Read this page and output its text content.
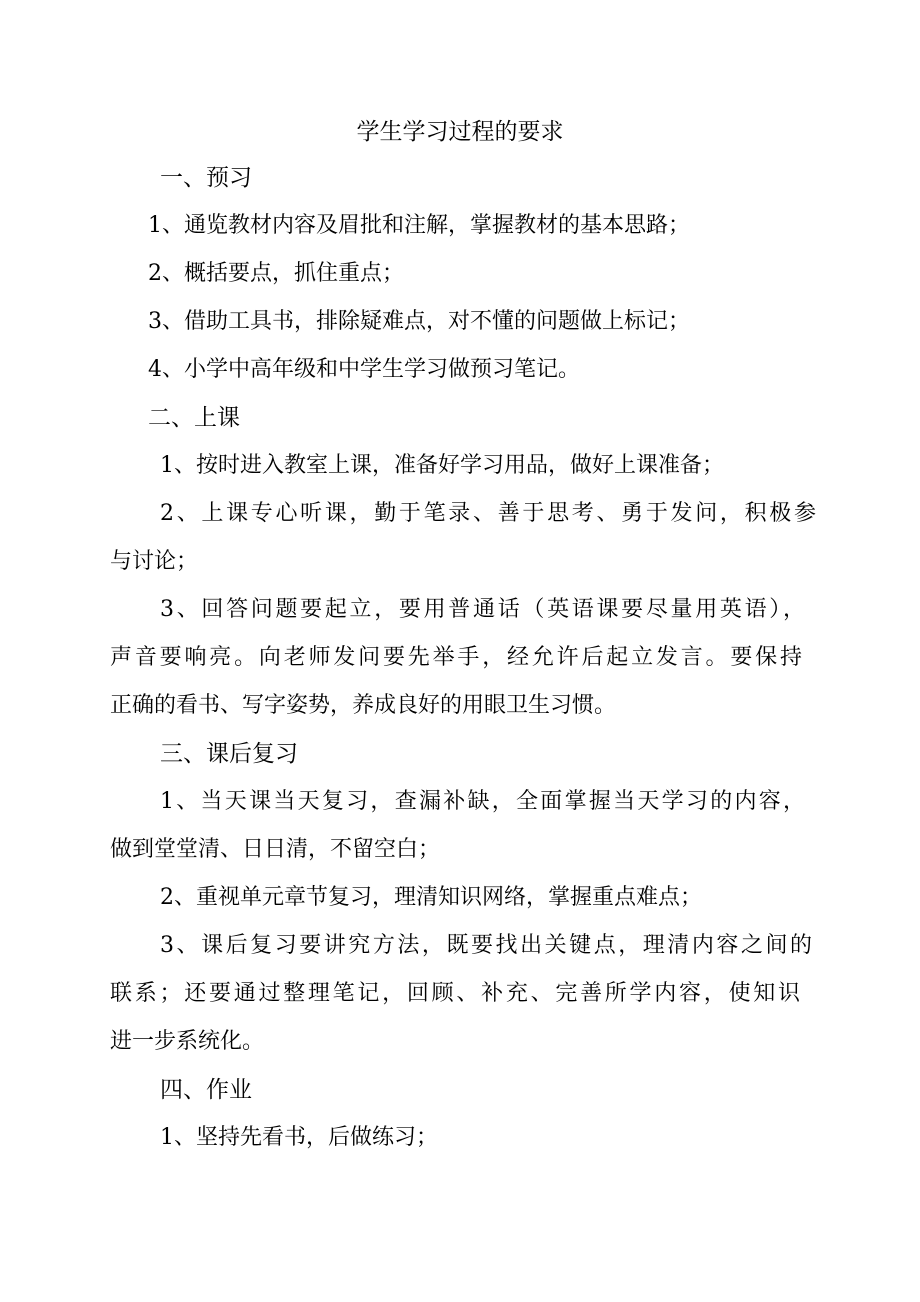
学生学习过程的要求
一、预习
1、通览教材内容及眉批和注解，掌握教材的基本思路；
2、概括要点，抓住重点；
3、借助工具书，排除疑难点，对不懂的问题做上标记；
4、小学中高年级和中学生学习做预习笔记。
二、上课
1、按时进入教室上课，准备好学习用品，做好上课准备；
2、上课专心听课，勤于笔录、善于思考、勇于发问，积极参
与讨论；
3、回答问题要起立，要用普通话（英语课要尽量用英语），
声音要响亮。向老师发问要先举手，经允许后起立发言。要保持
正确的看书、写字姿势，养成良好的用眼卫生习惯。
三、课后复习
1、当天课当天复习，查漏补缺，全面掌握当天学习的内容，
做到堂堂清、日日清，不留空白；
2、重视单元章节复习，理清知识网络，掌握重点难点；
3、课后复习要讲究方法，既要找出关键点，理清内容之间的
联系；还要通过整理笔记，回顾、补充、完善所学内容，使知识
进一步系统化。
四、作业
1、坚持先看书，后做练习；
